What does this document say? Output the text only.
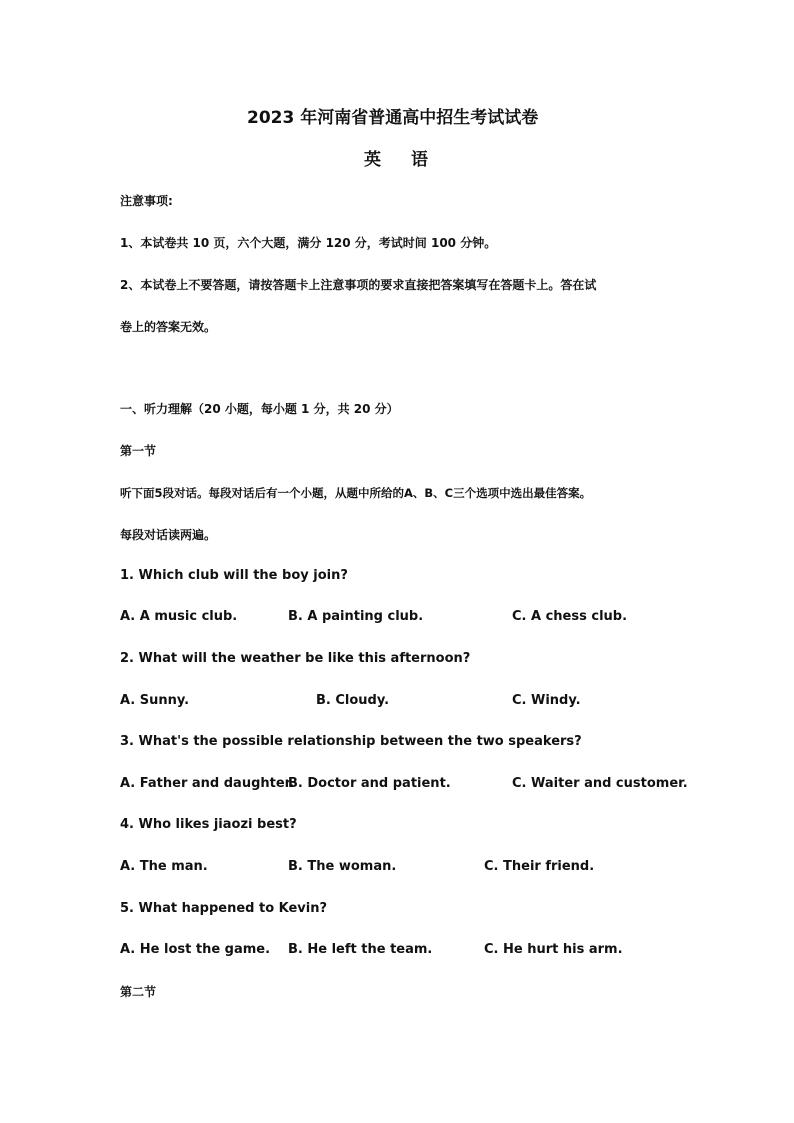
2023 年河南省普通高中招生考试试卷
英 语
注意事项:
1、本试卷共 10 页，六个大题，满分 120 分，考试时间 100 分钟。
2、本试卷上不要答题，请按答题卡上注意事项的要求直接把答案填写在答题卡上。答在试
卷上的答案无效。
一、听力理解（20 小题，每小题 1 分，共 20 分）
第一节
听下面5段对话。每段对话后有一个小题，从题中所给的A、B、C三个选项中选出最佳答案。
每段对话读两遍。
1. Which club will the boy join?
A. A music club.	B. A painting club.	C. A chess club.
2. What will the weather be like this afternoon?
A. Sunny.	B. Cloudy.	C. Windy.
3. What's the possible relationship between the two speakers?
A. Father and daughter.
B. Doctor and patient.	C. Waiter and customer.
4. Who likes jiaozi best?
A. The man.	B. The woman.	C. Their friend.
5. What happened to Kevin?
A. He lost the game. B. He left the team.	C. He hurt his arm.
第二节
